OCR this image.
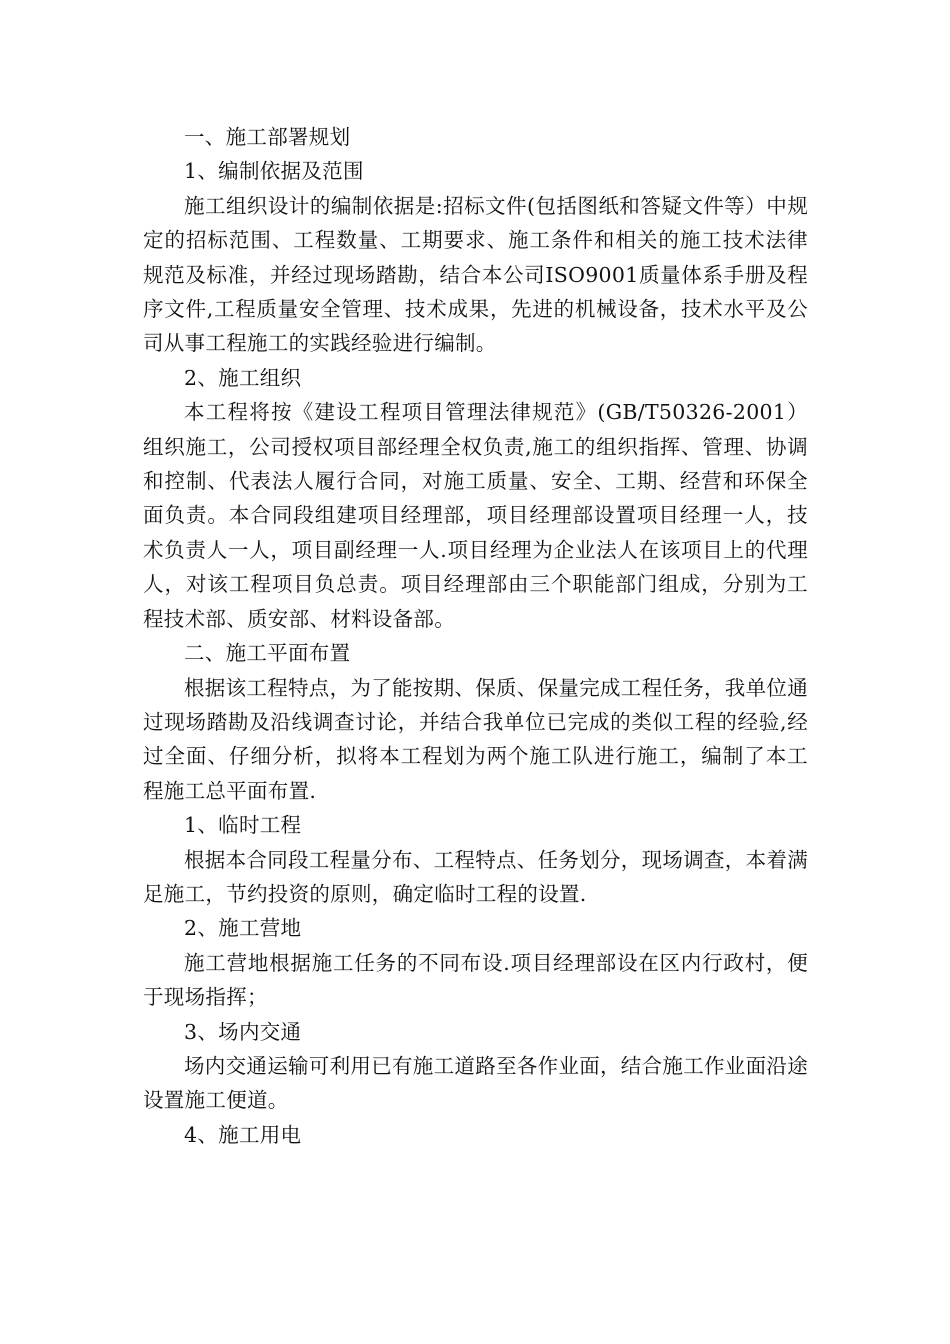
一、施工部署规划

1、编制依据及范围

施工组织设计的编制依据是:招标文件(包括图纸和答疑文件等）中规定的招标范围、工程数量、工期要求、施工条件和相关的施工技术法律规范及标准，并经过现场踏勘，结合本公司ISO9001质量体系手册及程序文件,工程质量安全管理、技术成果，先进的机械设备，技术水平及公司从事工程施工的实践经验进行编制。

2、施工组织

本工程将按《建设工程项目管理法律规范》(GB/T50326-2001）组织施工，公司授权项目部经理全权负责,施工的组织指挥、管理、协调和控制、代表法人履行合同，对施工质量、安全、工期、经营和环保全面负责。本合同段组建项目经理部，项目经理部设置项目经理一人，技术负责人一人，项目副经理一人.项目经理为企业法人在该项目上的代理人，对该工程项目负总责。项目经理部由三个职能部门组成，分别为工程技术部、质安部、材料设备部。

二、施工平面布置

根据该工程特点，为了能按期、保质、保量完成工程任务，我单位通过现场踏勘及沿线调查讨论，并结合我单位已完成的类似工程的经验,经过全面、仔细分析，拟将本工程划为两个施工队进行施工，编制了本工程施工总平面布置.

1、临时工程

根据本合同段工程量分布、工程特点、任务划分，现场调查，本着满足施工，节约投资的原则，确定临时工程的设置.

2、施工营地

施工营地根据施工任务的不同布设.项目经理部设在区内行政村，便于现场指挥；

3、场内交通

场内交通运输可利用已有施工道路至各作业面，结合施工作业面沿途设置施工便道。

4、施工用电
